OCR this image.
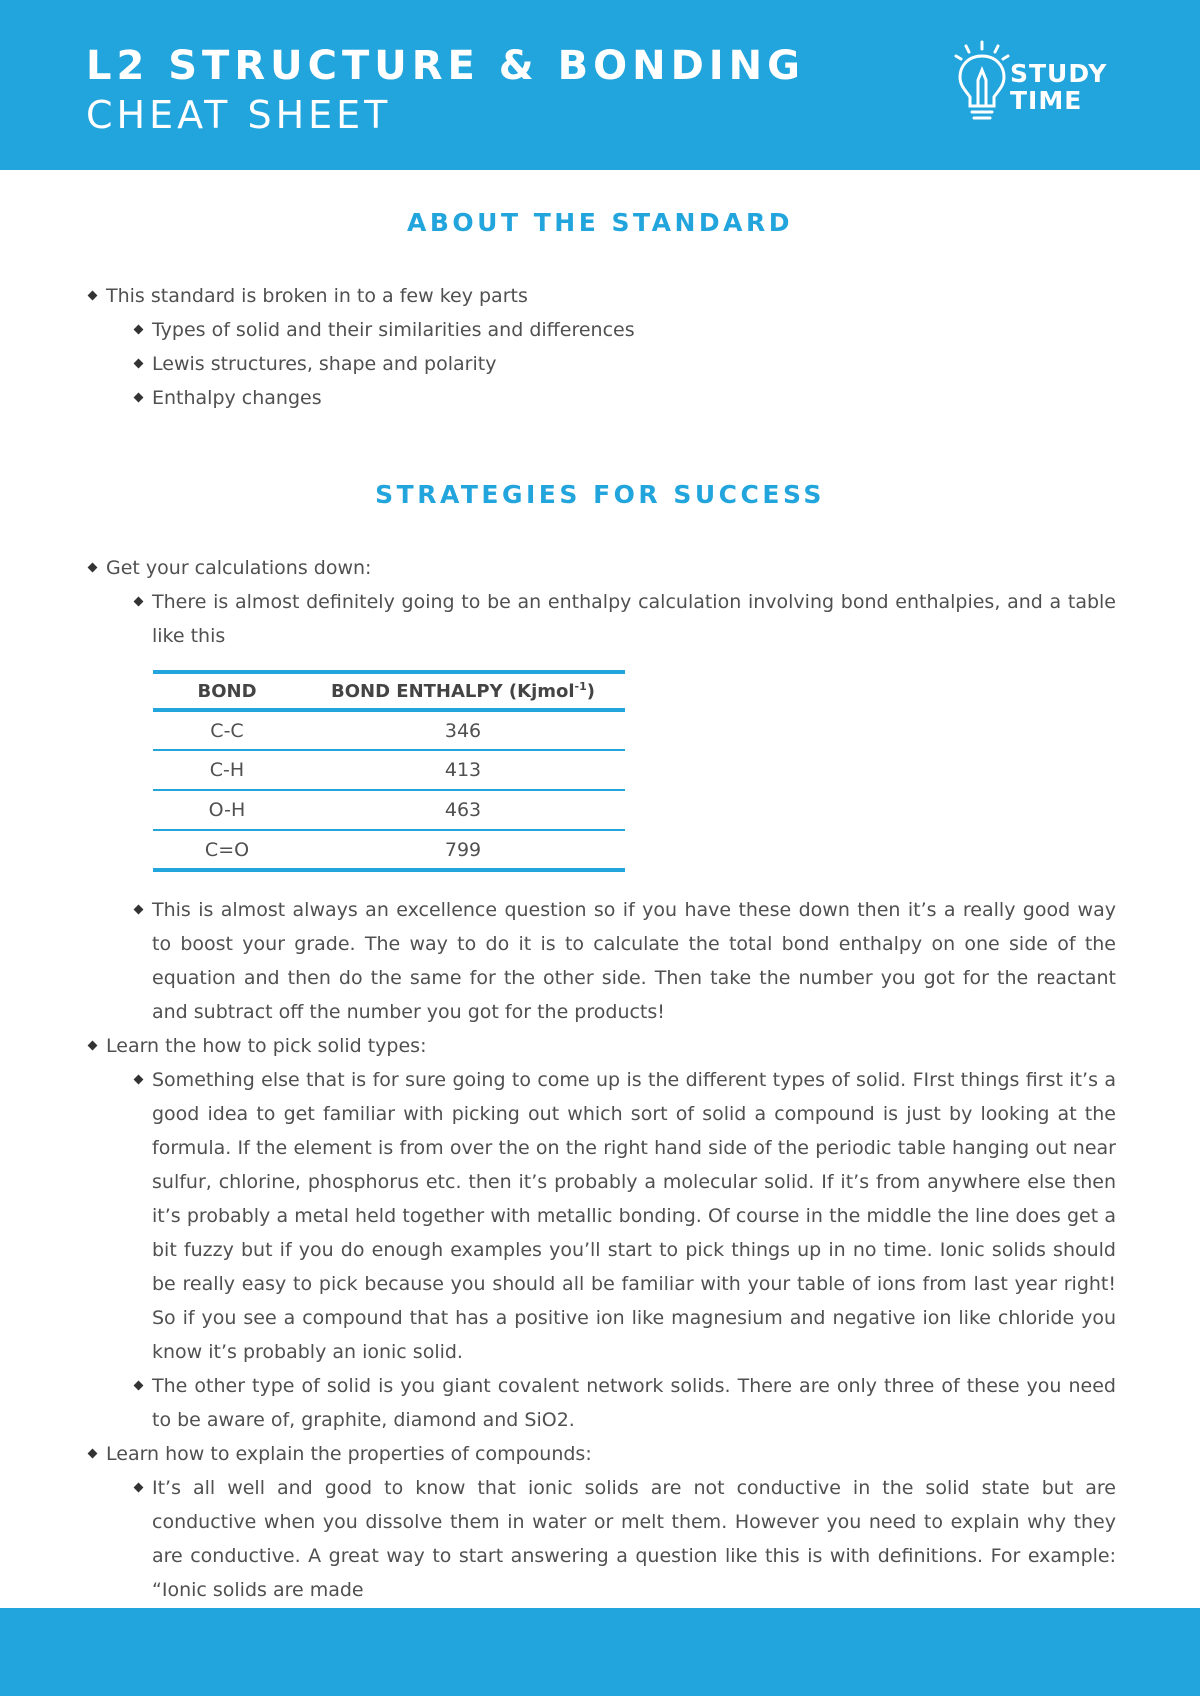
L2 STRUCTURE & BONDING
CHEAT SHEET
STUDY
TIME
ABOUT THE STANDARD
This standard is broken in to a few key parts
Types of solid and their similarities and differences
Lewis structures, shape and polarity
Enthalpy changes
STRATEGIES FOR SUCCESS
Get your calculations down:
There is almost definitely going to be an enthalpy calculation involving bond enthalpies, and a table like this
BOND	BOND ENTHALPY (Kjmol$^{-1}$)
C-C	346
C-H	413
O-H	463
C=O	799
This is almost always an excellence question so if you have these down then it’s a really good way to boost your grade. The way to do it is to calculate the total bond enthalpy on one side of the equation and then do the same for the other side. Then take the number you got for the reactant and subtract off the number you got for the products!
Learn the how to pick solid types:
Something else that is for sure going to come up is the different types of solid. FIrst things first it’s a good idea to get familiar with picking out which sort of solid a compound is just by looking at the formula. If the element is from over the on the right hand side of the periodic table hanging out near sulfur, chlorine, phosphorus etc. then it’s probably a molecular solid. If it’s from anywhere else then it’s probably a metal held together with metallic bonding. Of course in the middle the line does get a bit fuzzy but if you do enough examples you’ll start to pick things up in no time. Ionic solids should be really easy to pick because you should all be familiar with your table of ions from last year right! So if you see a compound that has a positive ion like magnesium and negative ion like chloride you know it’s probably an ionic solid.
The other type of solid is you giant covalent network solids. There are only three of these you need to be aware of, graphite, diamond and SiO2.
Learn how to explain the properties of compounds:
It’s all well and good to know that ionic solids are not conductive in the solid state but are conductive when you dissolve them in water or melt them. However you need to explain why they are conductive. A great way to start answering a question like this is with definitions. For example: “Ionic solids are made
